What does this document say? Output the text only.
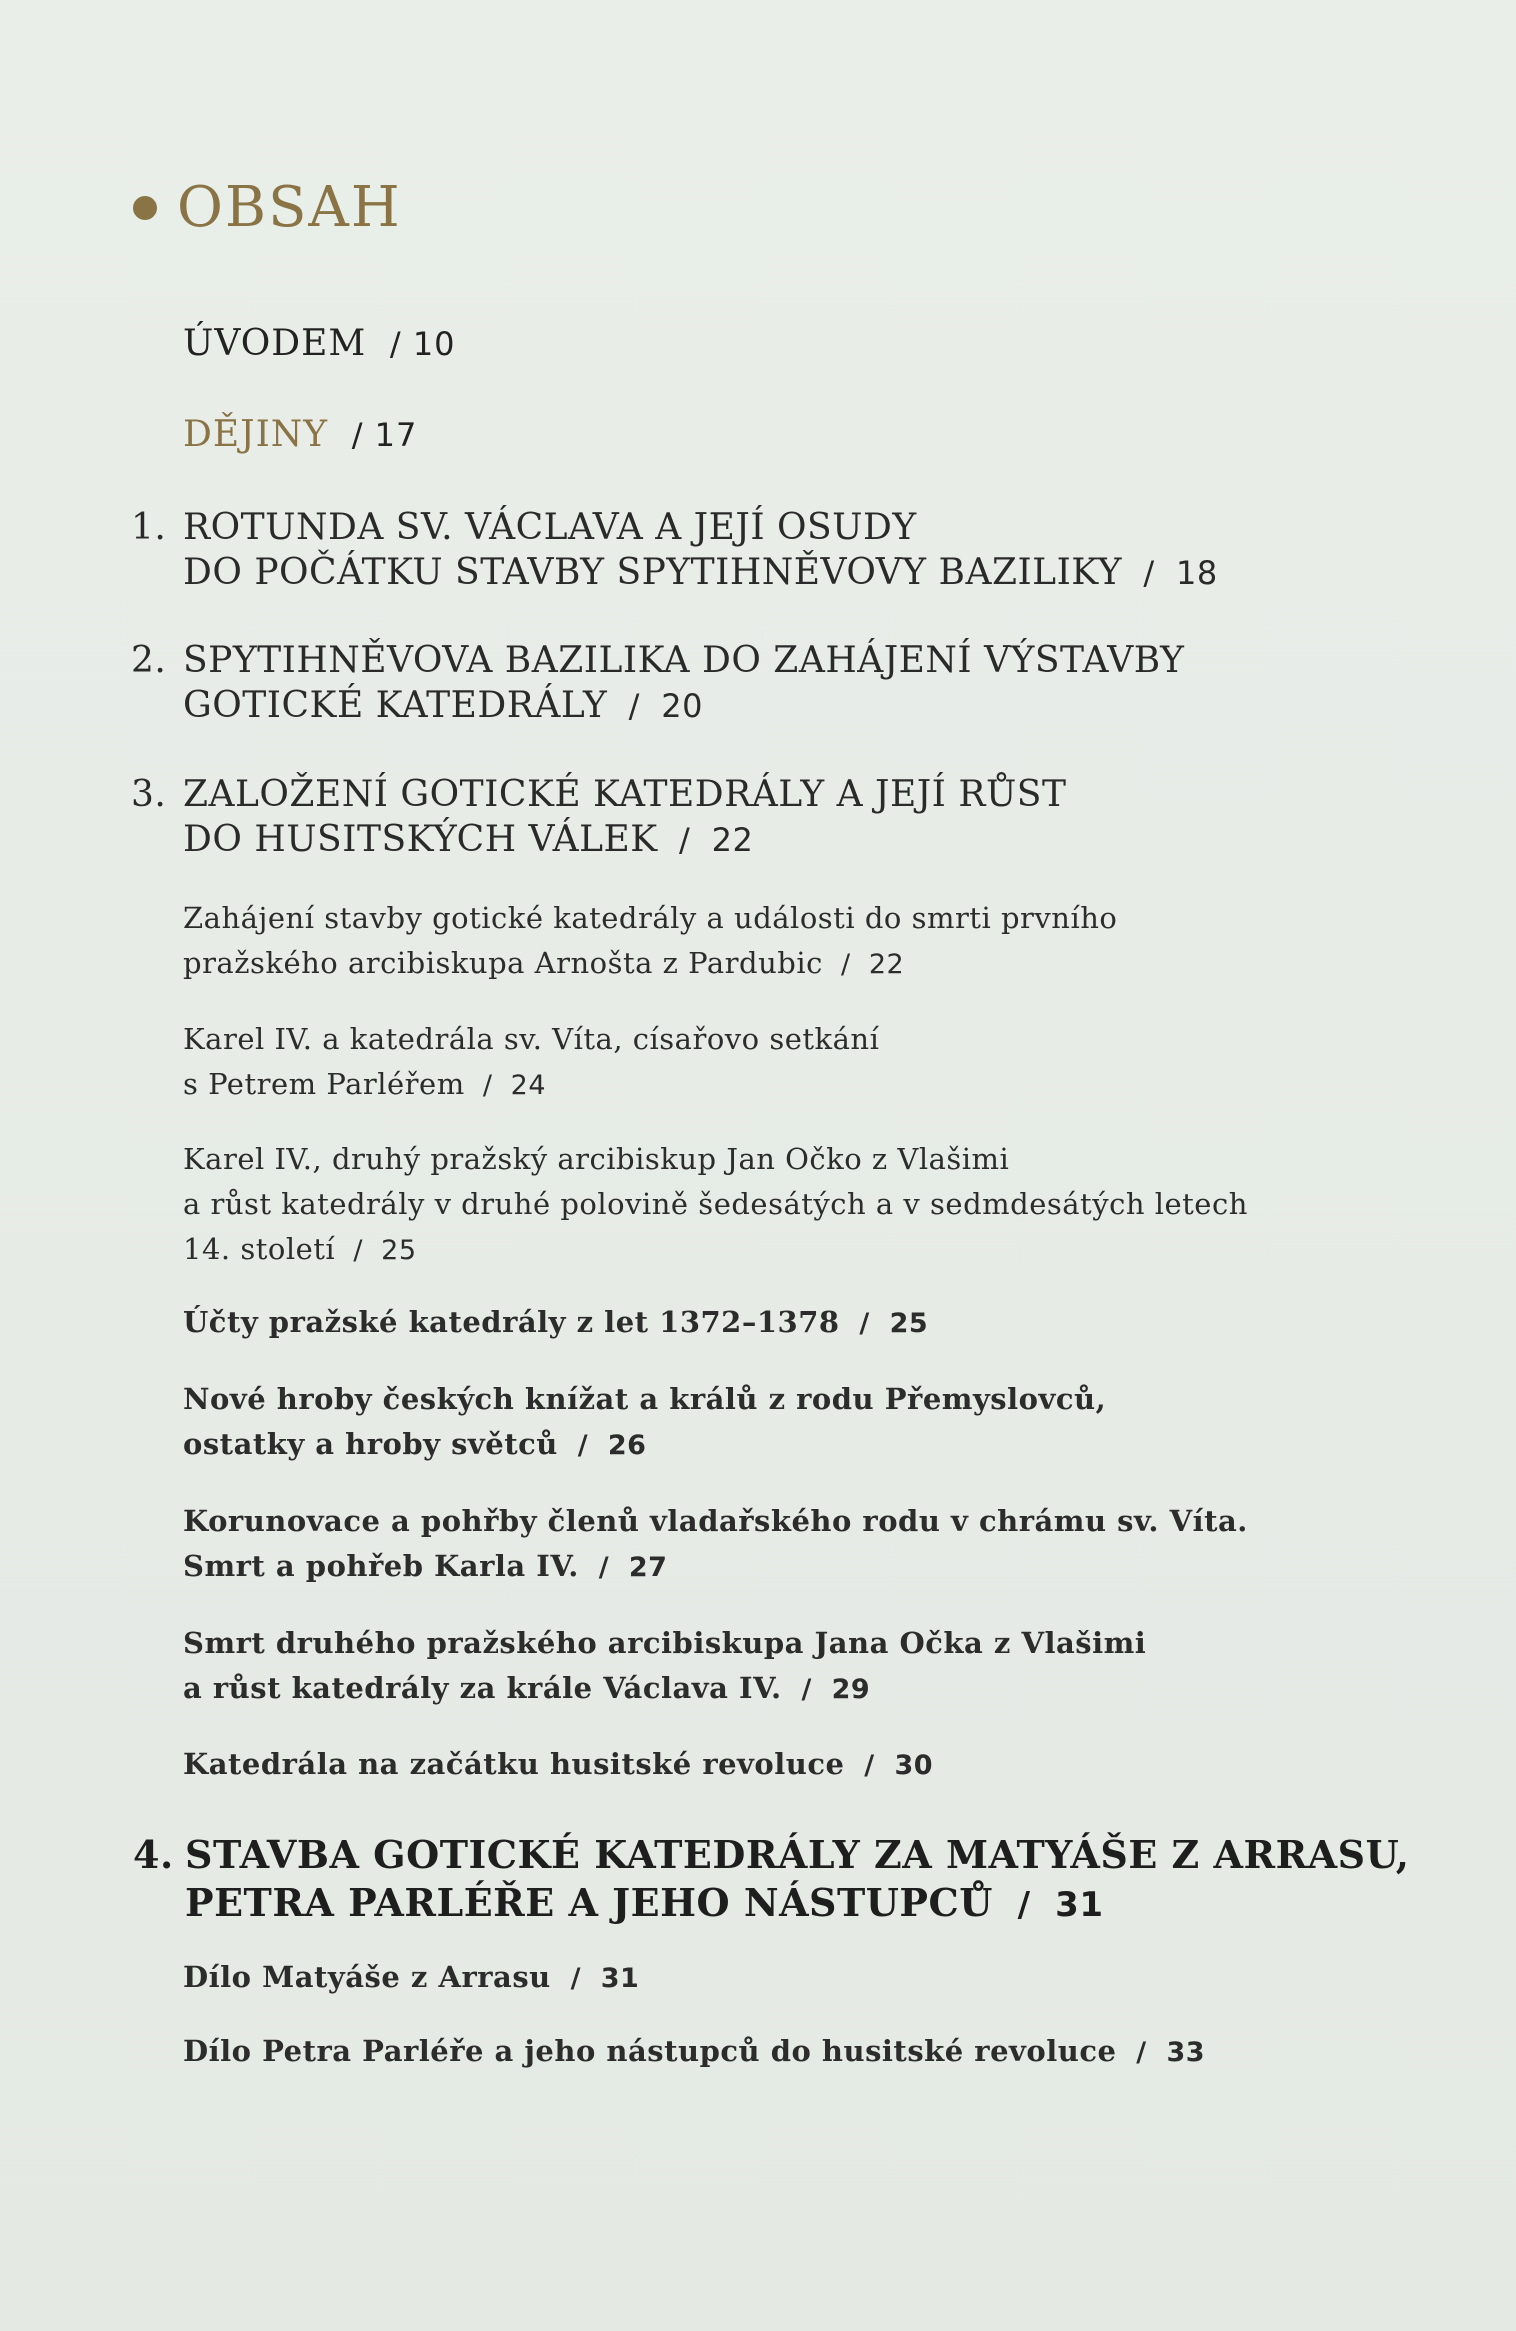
OBSAH
ÚVODEM / 10
DĚJINY / 17
1. ROTUNDA SV. VÁCLAVA A JEJÍ OSUDY
DO POČÁTKU STAVBY SPYTIHNĚVOVY BAZILIKY / 18
2. SPYTIHNĚVOVA BAZILIKA DO ZAHÁJENÍ VÝSTAVBY
GOTICKÉ KATEDRÁLY / 20
3. ZALOŽENÍ GOTICKÉ KATEDRÁLY A JEJÍ RŮST
DO HUSITSKÝCH VÁLEK / 22
Zahájení stavby gotické katedrály a události do smrti prvního
pražského arcibiskupa Arnošta z Pardubic / 22
Karel IV. a katedrála sv. Víta, císařovo setkání
s Petrem Parléřem / 24
Karel IV., druhý pražský arcibiskup Jan Očko z Vlašimi
a růst katedrály v druhé polovině šedesátých a v sedmdesátých letech
14. století / 25
Účty pražské katedrály z let 1372–1378 / 25
Nové hroby českých knížat a králů z rodu Přemyslovců,
ostatky a hroby světců / 26
Korunovace a pohřby členů vladařského rodu v chrámu sv. Víta.
Smrt a pohřeb Karla IV. / 27
Smrt druhého pražského arcibiskupa Jana Očka z Vlašimi
a růst katedrály za krále Václava IV. / 29
Katedrála na začátku husitské revoluce / 30
4. STAVBA GOTICKÉ KATEDRÁLY ZA MATYÁŠE Z ARRASU,
PETRA PARLÉŘE A JEHO NÁSTUPCŮ / 31
Dílo Matyáše z Arrasu / 31
Dílo Petra Parléře a jeho nástupců do husitské revoluce / 33
